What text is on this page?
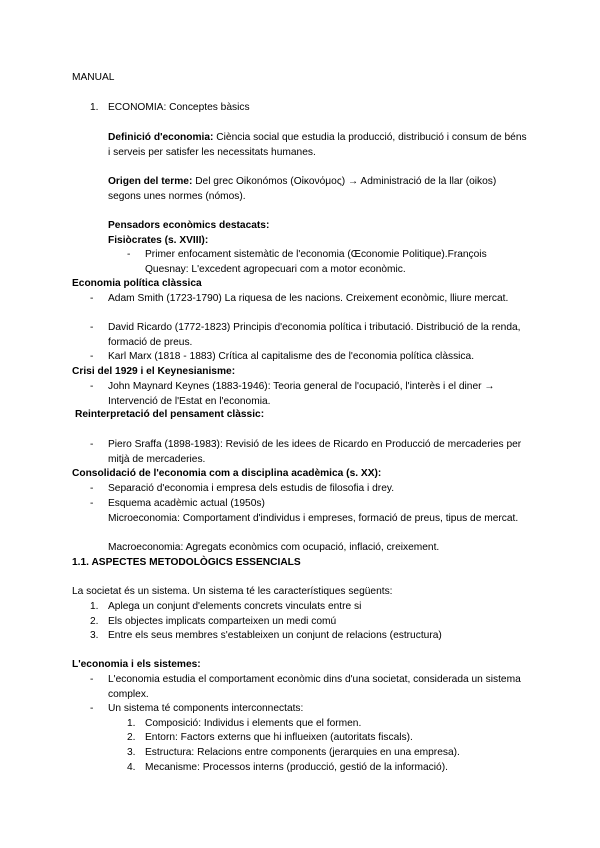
MANUAL
1. ECONOMIA: Conceptes bàsics
Definició d'economia: Ciència social que estudia la producció, distribució i consum de béns i serveis per satisfer les necessitats humanes.
Origen del terme: Del grec Oikonómos (Οἰκονόμος) → Administració de la llar (oikos) segons unes normes (nómos).
Pensadors econòmics destacats:
Fisiòcrates (s. XVIII):
- Primer enfocament sistemàtic de l'economia (Œconomie Politique).François Quesnay: L'excedent agropecuari com a motor econòmic.
Economia política clàssica
- Adam Smith (1723-1790) La riquesa de les nacions. Creixement econòmic, lliure mercat.
- David Ricardo (1772-1823) Principis d'economia política i tributació. Distribució de la renda, formació de preus.
- Karl Marx (1818 - 1883) Crítica al capitalisme des de l'economia política clàssica.
Crisi del 1929 i el Keynesianisme:
- John Maynard Keynes (1883-1946): Teoria general de l'ocupació, l'interès i el diner → Intervenció de l'Estat en l'economia.
Reinterpretació del pensament clàssic:
- Piero Sraffa (1898-1983): Revisió de les idees de Ricardo en Producció de mercaderies per mitjà de mercaderies.
Consolidació de l'economia com a disciplina acadèmica (s. XX):
- Separació d'economia i empresa dels estudis de filosofia i drey.
- Esquema acadèmic actual (1950s)
Microeconomia: Comportament d'individus i empreses, formació de preus, tipus de mercat.
Macroeconomia: Agregats econòmics com ocupació, inflació, creixement.
1.1. ASPECTES METODOLÒGICS ESSENCIALS
La societat és un sistema. Un sistema té les característiques següents:
1. Aplega un conjunt d'elements concrets vinculats entre si
2. Els objectes implicats comparteixen un medi comú
3. Entre els seus membres s'estableixen un conjunt de relacions (estructura)
L'economia i els sistemes:
- L'economia estudia el comportament econòmic dins d'una societat, considerada un sistema complex.
- Un sistema té components interconnectats:
1. Composició: Individus i elements que el formen.
2. Entorn: Factors externs que hi influeixen (autoritats fiscals).
3. Estructura: Relacions entre components (jerarquies en una empresa).
4. Mecanisme: Processos interns (producció, gestió de la informació).
